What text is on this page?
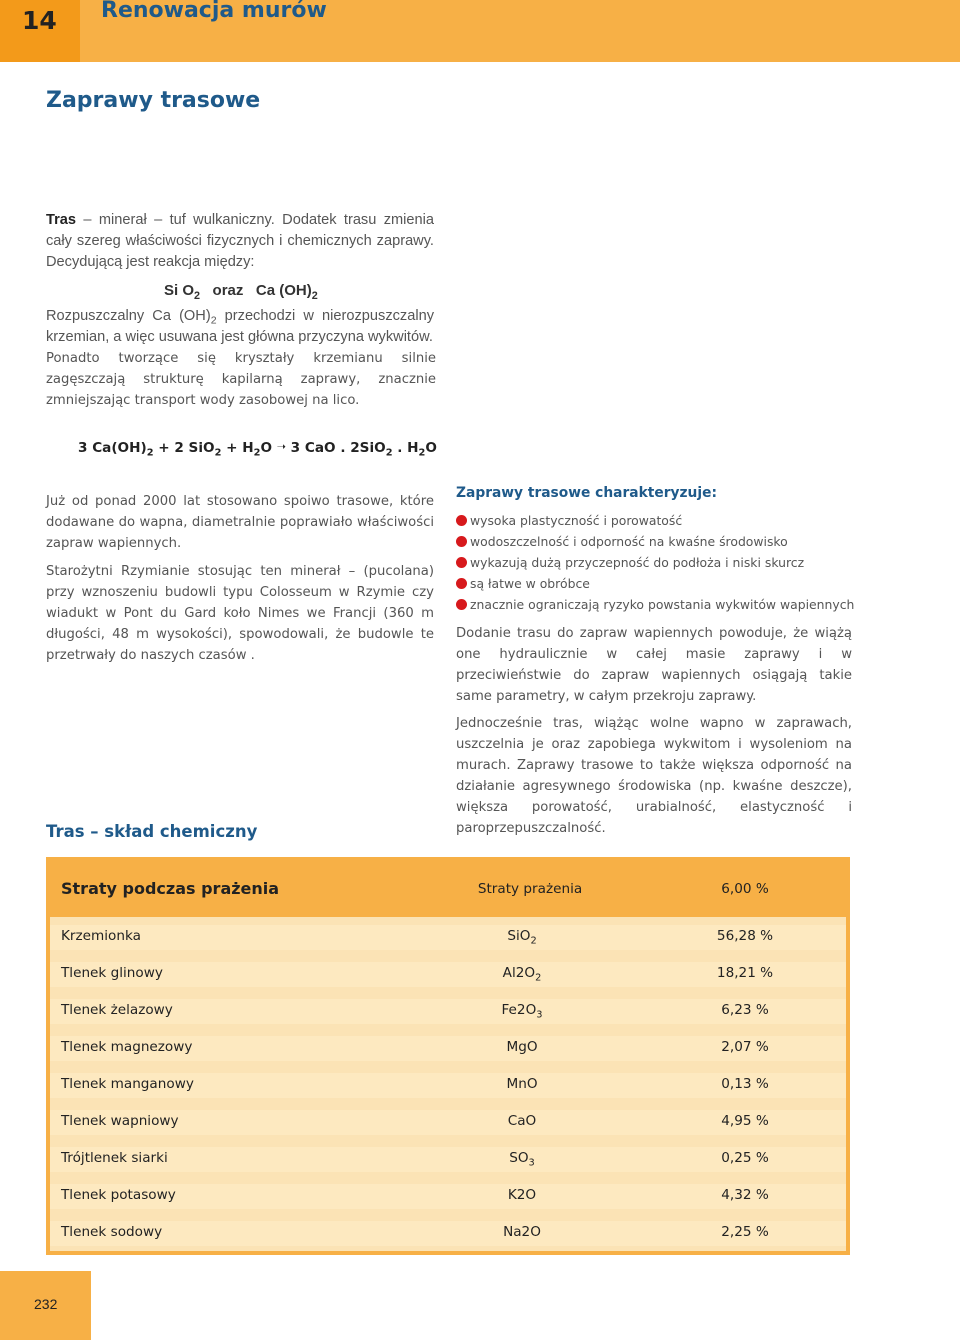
14 Renowacja murów
Zaprawy trasowe
Tras – minerał – tuf wulkaniczny. Dodatek trasu zmienia cały szereg właściwości fizycznych i chemicznych zaprawy. Decydującą jest reakcja między:
Si $O_2$ oraz Ca $(OH)_2$
Rozpuszczalny Ca $(OH)_2$ przechodzi w nierozpuszczalny krzemian, a więc usuwana jest główna przyczyna wykwitów.
Ponadto tworzące się kryształy krzemianu silnie zagęszczają strukturę kapilarną zaprawy, znacznie zmniejszając transport wody zasobowej na lico.
3 $Ca(OH)_2 + 2$ $SiO_2 + H_2O$ ➝ 3 CaO . 2SiO$_2$ . $H_2O$

Już od ponad 2000 lat stosowano spoiwo trasowe, które dodawane do wapna, diametralnie poprawiało właściwości zapraw wapiennych.

Starożytni Rzymianie stosując ten minerał – (pucolana) przy wznoszeniu budowli typu Colosseum w Rzymie czy wiadukt w Pont du Gard koło Nimes we Francji (360 m długości, 48 m wysokości), spowodowali, że budowle te przetrwały do naszych czasów .

Zaprawy trasowe charakteryzuje:
wysoka plastyczność i porowatość
wodoszczelność i odporność na kwaśne środowisko
wykazują dużą przyczepność do podłoża i niski skurcz
są łatwe w obróbce
znacznie ograniczają ryzyko powstania wykwitów wapiennych

Dodanie trasu do zapraw wapiennych powoduje, że wiążą one hydraulicznie w całej masie zaprawy i w przeciwieństwie do zapraw wapiennych osiągają takie same parametry, w całym przekroju zaprawy.

Jednocześnie tras, wiążąc wolne wapno w zaprawach, uszczelnia je oraz zapobiega wykwitom i wysoleniom na murach. Zaprawy trasowe to także większa odporność na działanie agresywnego środowiska (np. kwaśne deszcze), większa porowatość, urabialność, elastyczność i paroprzepuszczalność.

Tras – skład chemiczny
Straty podczas prażenia	Straty prażenia	6,00 %
Krzemionka	SiO$_2$	56,28 %
Tlenek glinowy	$Al2O_2$	18,21 %
Tlenek żelazowy	$Fe2O_3$	6,23 %
Tlenek magnezowy	MgO	2,07 %
Tlenek manganowy	MnO	0,13 %
Tlenek wapniowy	CaO	4,95 %
Trójtlenek siarki	$SO_3$	0,25 %
Tlenek potasowy	K2O	4,32 %
Tlenek sodowy	Na2O	2,25 %
232
